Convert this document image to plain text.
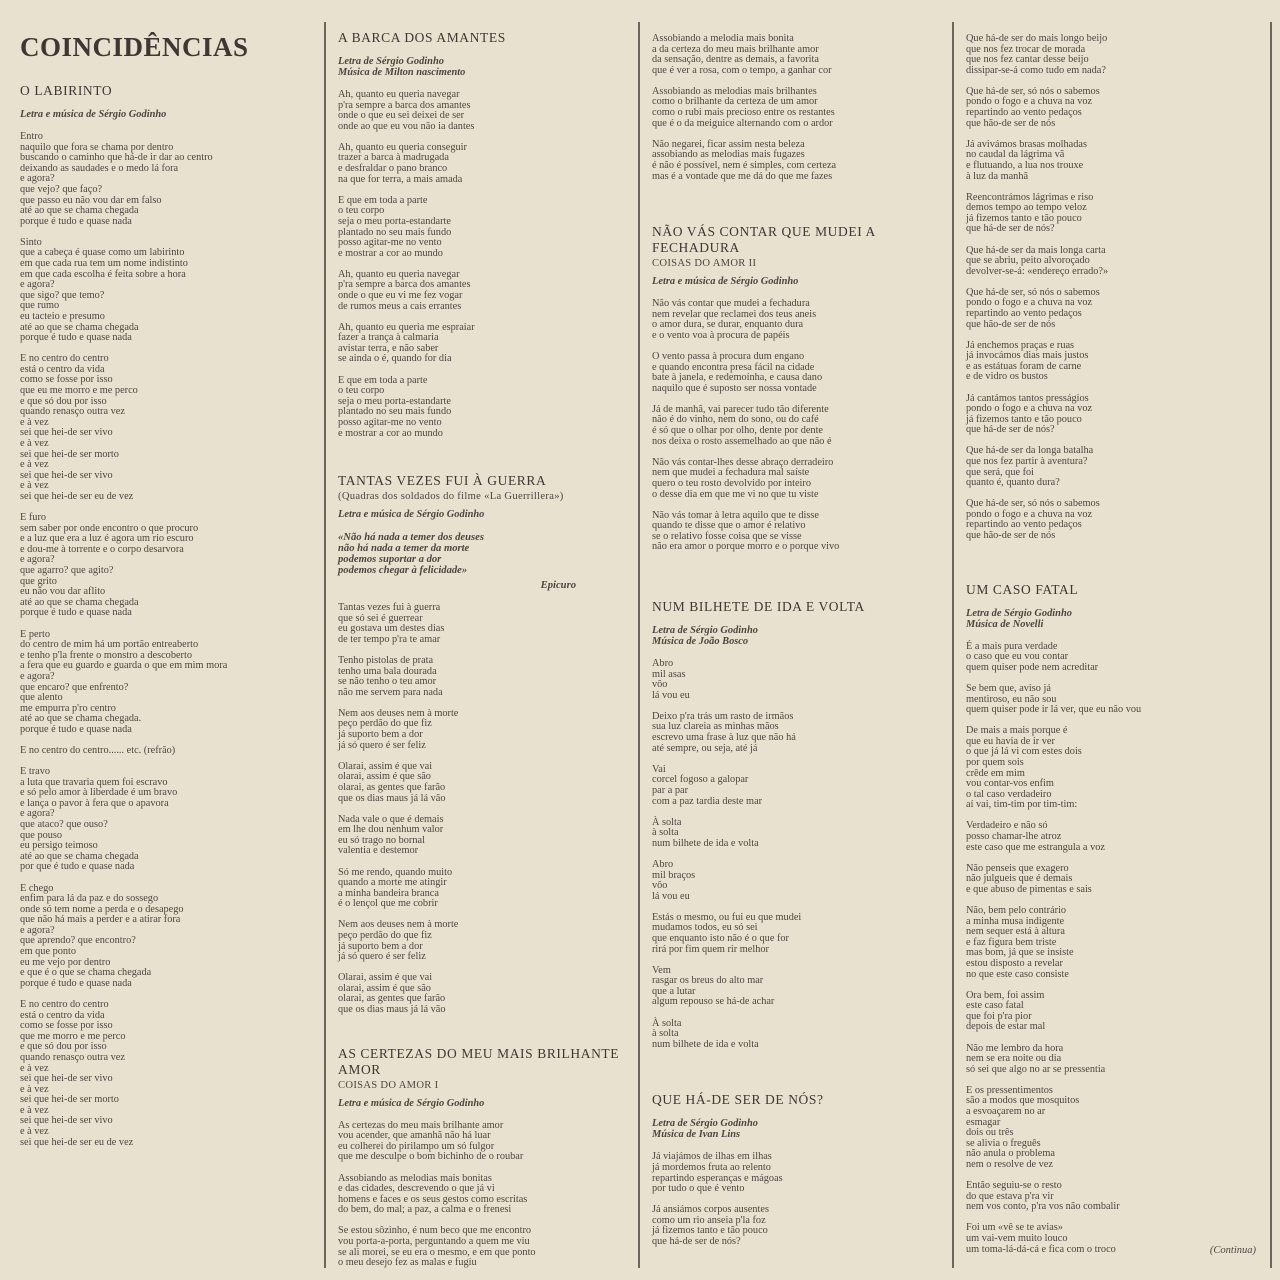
COINCIDÊNCIAS
O LABIRINTO
Letra e música de Sérgio Godinho
Entro
naquilo que fora se chama por dentro
buscando o caminho que há-de ir dar ao centro
deixando as saudades e o medo lá fora
e agora?
que vejo? que faço?
que passo eu não vou dar em falso
até ao que se chama chegada
porque é tudo e quase nada
Sinto
que a cabeça é quase como um labirinto
em que cada rua tem um nome indistinto
em que cada escolha é feita sobre a hora
e agora?
que sigo? que temo?
que rumo
eu tacteio e presumo
até ao que se chama chegada
porque é tudo e quase nada
E no centro do centro
está o centro da vida
como se fosse por isso
que eu me morro e me perco
e que só dou por isso
quando renasço outra vez
e à vez
sei que hei-de ser vivo
e à vez
sei que hei-de ser morto
e à vez
sei que hei-de ser vivo
e à vez
sei que hei-de ser eu de vez
E furo
sem saber por onde encontro o que procuro
e a luz que era a luz é agora um rio escuro
e dou-me à torrente e o corpo desarvora
e agora?
que agarro? que agito?
que grito
eu não vou dar aflito
até ao que se chama chegada
porque é tudo e quase nada
E perto
do centro de mim há um portão entreaberto
e tenho p'la frente o monstro a descoberto
a fera que eu guardo e guarda o que em mim mora
e agora?
que encaro? que enfrento?
que alento
me empurra p'ro centro
até ao que se chama chegada.
porque é tudo e quase nada
E no centro do centro...... etc. (refrão)
E travo
a luta que travaria quem foi escravo
e só pelo amor à liberdade é um bravo
e lança o pavor à fera que o apavora
e agora?
que ataco? que ouso?
que pouso
eu persigo teimoso
até ao que se chama chegada
por que é tudo e quase nada
E chego
enfim para lá da paz e do sossego
onde só tem nome a perda e o desapego
que não há mais a perder e a atirar fora
e agora?
que aprendo? que encontro?
em que ponto
eu me vejo por dentro
e que é o que se chama chegada
porque é tudo e quase nada
E no centro do centro
está o centro da vida
como se fosse por isso
que me morro e me perco
e que só dou por isso
quando renasço outra vez
e à vez
sei que hei-de ser vivo
e à vez
sei que hei-de ser morto
e à vez
sei que hei-de ser vivo
e à vez
sei que hei-de ser eu de vez
A BARCA DOS AMANTES
Letra de Sérgio Godinho
Música de Milton nascimento
Ah, quanto eu queria navegar
p'ra sempre a barca dos amantes
onde o que eu sei deixei de ser
onde ao que eu vou não ia dantes
Ah, quanto eu queria conseguir
trazer a barca à madrugada
e desfraldar o pano branco
na que for terra, a mais amada
E que em toda a parte
o teu corpo
seja o meu porta-estandarte
plantado no seu mais fundo
posso agitar-me no vento
e mostrar a cor ao mundo
Ah, quanto eu queria navegar
p'ra sempre a barca dos amantes
onde o que eu vi me fez vogar
de rumos meus a cais errantes
Ah, quanto eu queria me espraiar
fazer a trança à calmaria
avistar terra, e não saber
se ainda o é, quando for dia
E que em toda a parte
o teu corpo
seja o meu porta-estandarte
plantado no seu mais fundo
posso agitar-me no vento
e mostrar a cor ao mundo
TANTAS VEZES FUI À GUERRA
(Quadras dos soldados do filme «La Guerrillera»)
Letra e música de Sérgio Godinho
«Não há nada a temer dos deuses
não há nada a temer da morte
podemos suportar a dor
podemos chegar à felicidade»
Epicuro
Tantas vezes fui à guerra
que só sei é guerrear
eu gostava um destes dias
de ter tempo p'ra te amar
Tenho pistolas de prata
tenho uma bala dourada
se não tenho o teu amor
não me servem para nada
Nem aos deuses nem à morte
peço perdão do que fiz
já suporto bem a dor
já só quero é ser feliz
Olarai, assim é que vai
olarai, assim é que são
olarai, as gentes que farão
que os dias maus já lá vão
Nada vale o que é demais
em lhe dou nenhum valor
eu só trago no bornal
valentia e destemor
Só me rendo, quando muito
quando a morte me atingir
a minha bandeira branca
é o lençol que me cobrir
Nem aos deuses nem à morte
peço perdão do que fiz
já suporto bem a dor
já só quero é ser feliz
Olarai, assim é que vai
olarai, assim é que são
olarai, as gentes que farão
que os dias maus já lá vão
AS CERTEZAS DO MEU MAIS BRILHANTE AMOR
COISAS DO AMOR I
Letra e música de Sérgio Godinho
As certezas do meu mais brilhante amor
vou acender, que amanhã não há luar
eu colherei do pirilampo um só fulgor
que me desculpe o bom bichinho de o roubar
Assobiando as melodias mais bonitas
e das cidades, descrevendo o que já vi
homens e faces e os seus gestos como escritas
do bem, do mal; a paz, a calma e o frenesi
Se estou sôzinho, é num beco que me encontro
vou porta-a-porta, perguntando a quem me viu
se ali morei, se eu era o mesmo, e em que ponto
o meu desejo fez as malas e fugiu
Assobiando a melodia mais bonita
a da certeza do meu mais brilhante amor
da sensação, dentre as demais, a favorita
que é ver a rosa, com o tempo, a ganhar cor
Assobiando as melodias mais brilhantes
como o brilhante da certeza de um amor
como o rubi mais precioso entre os restantes
que é o da meiguice alternando com o ardor
Não negarei, ficar assim nesta beleza
assobiando as melodias mais fugazes
é não é possível, nem é simples, com certeza
mas é a vontade que me dá do que me fazes
NÃO VÁS CONTAR QUE MUDEI A FECHADURA
COISAS DO AMOR II
Letra e música de Sérgio Godinho
Não vás contar que mudei a fechadura
nem revelar que reclamei dos teus aneis
o amor dura, se durar, enquanto dura
e o vento voa à procura de papéis
O vento passa à procura dum engano
e quando encontra presa fácil na cidade
bate à janela, e redemoínha, e causa dano
naquilo que é suposto ser nossa vontade
Já de manhã, vai parecer tudo tão diferente
não é do vinho, nem do sono, ou do café
é só que o olhar por olho, dente por dente
nos deixa o rosto assemelhado ao que não é
Não vás contar-lhes desse abraço derradeiro
nem que mudei a fechadura mal saíste
quero o teu rosto devolvido por inteiro
o desse dia em que me vi no que tu viste
Não vás tomar à letra aquilo que te disse
quando te disse que o amor é relativo
se o relativo fosse coisa que se visse
não era amor o porque morro e o porque vivo
NUM BILHETE DE IDA E VOLTA
Letra de Sérgio Godinho
Música de João Bosco
Abro
mil asas
vôo
lá vou eu
Deixo p'ra trás um rasto de irmãos
sua luz clareia as minhas mãos
escrevo uma frase à luz que não há
até sempre, ou seja, até já
Vai
corcel fogoso a galopar
par a par
com a paz tardia deste mar
À solta
à solta
num bilhete de ida e volta
Abro
mil braços
vôo
lá vou eu
Estás o mesmo, ou fui eu que mudei
mudamos todos, eu só sei
que enquanto isto não é o que for
rirá por fim quem rir melhor
Vem
rasgar os breus do alto mar
que a lutar
algum repouso se há-de achar
À solta
à solta
num bilhete de ida e volta
QUE HÁ-DE SER DE NÓS?
Letra de Sérgio Godinho
Música de Ivan Lins
Já viajámos de ilhas em ilhas
já mordemos fruta ao relento
repartindo esperanças e mágoas
por tudo o que é vento
Já ansiámos corpos ausentes
como um rio anseia p'la foz
já fizemos tanto e tão pouco
que há-de ser de nós?
Que há-de ser do mais longo beijo
que nos fez trocar de morada
que nos fez cantar desse beijo
dissipar-se-á como tudo em nada?
Que há-de ser, só nós o sabemos
pondo o fogo e a chuva na voz
repartindo ao vento pedaços
que hão-de ser de nós
Já avivámos brasas molhadas
no caudal da lágrima vã
e flutuando, a lua nos trouxe
à luz da manhã
Reencontrámos lágrimas e riso
demos tempo ao tempo veloz
já fizemos tanto e tão pouco
que há-de ser de nós?
Que há-de ser da mais longa carta
que se abriu, peito alvoroçado
devolver-se-á: «endereço errado?»
Que há-de ser, só nós o sabemos
pondo o fogo e a chuva na voz
repartindo ao vento pedaços
que hão-de ser de nós
Já enchemos praças e ruas
já invocámos dias mais justos
e as estátuas foram de carne
e de vidro os bustos
Já cantámos tantos presságios
pondo o fogo e a chuva na voz
já fizemos tanto e tão pouco
que há-de ser de nós?
Que há-de ser da longa batalha
que nos fez partir à aventura?
que será, que foi
quanto é, quanto dura?
Que há-de ser, só nós o sabemos
pondo o fogo e a chuva na voz
repartindo ao vento pedaços
que hão-de ser de nós
UM CASO FATAL
Letra de Sérgio Godinho
Música de Novelli
É a mais pura verdade
o caso que eu vou contar
quem quiser pode nem acreditar
Se bem que, aviso já
mentiroso, eu não sou
quem quiser pode ir lá ver, que eu não vou
De mais a mais porque é
que eu havia de ir ver
o que já lá vi com estes dois
por quem sois
crêde em mim
vou contar-vos enfim
o tal caso verdadeiro
aí vai, tim-tim por tim-tim:
Verdadeiro e não só
posso chamar-lhe atroz
este caso que me estrangula a voz
Não penseis que exagero
não julgueis que é demais
e que abuso de pimentas e sais
Não, bem pelo contrário
a minha musa indigente
nem sequer está à altura
e faz figura bem triste
mas bom, já que se insiste
estou disposto a revelar
no que este caso consiste
Ora bem, foi assim
este caso fatal
que foi p'ra pior
depois de estar mal
Não me lembro da hora
nem se era noite ou dia
só sei que algo no ar se pressentia
E os pressentimentos
são a modos que mosquitos
a esvoaçarem no ar
esmagar
dois ou três
se alivia o freguês
não anula o problema
nem o resolve de vez
Então seguiu-se o resto
do que estava p'ra vir
nem vos conto, p'ra vos não combalir
Foi um «vê se te avias»
um vai-vem muito louco
um toma-lá-dá-cá e fica com o troco	(Continua)
